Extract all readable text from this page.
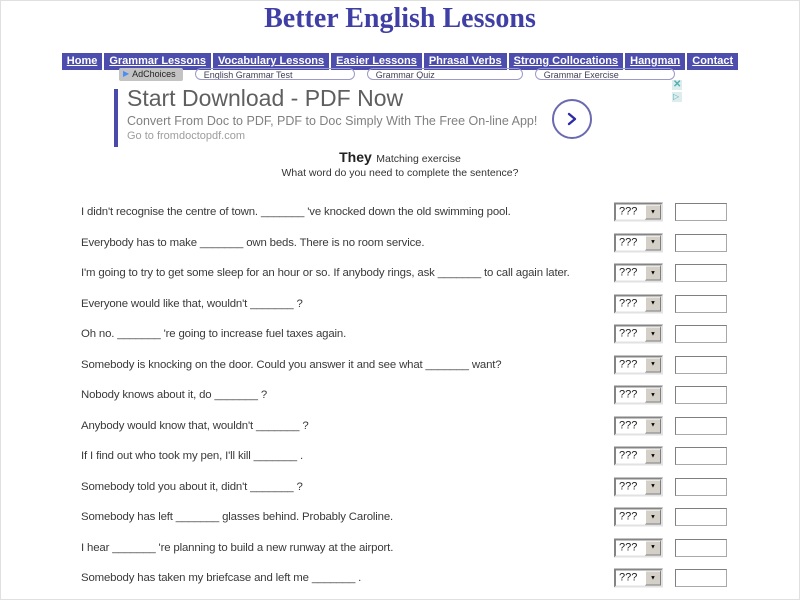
Better English Lessons
Home	Grammar Lessons	Vocabulary Lessons	Easier Lessons	Phrasal Verbs	Strong Collocations	Hangman	Contact
▶ AdChoices	English Grammar Test	Grammar Quiz	Grammar Exercise
Start Download - PDF Now
Convert From Doc to PDF, PDF to Doc Simply With The Free On-line App!
Go to fromdoctopdf.com
✕
▷
They Matching exercise
What word do you need to complete the sentence?
I didn't recognise the centre of town. _______ 've knocked down the old swimming pool.	???	▼
Everybody has to make _______ own beds. There is no room service.	???	▼
I'm going to try to get some sleep for an hour or so. If anybody rings, ask _______ to call again later.	???	▼
Everyone would like that, wouldn't _______ ?	???	▼
Oh no. _______ 're going to increase fuel taxes again.	???	▼
Somebody is knocking on the door. Could you answer it and see what _______ want?	???	▼
Nobody knows about it, do _______ ?	???	▼
Anybody would know that, wouldn't _______ ?	???	▼
If I find out who took my pen, I'll kill _______ .	???	▼
Somebody told you about it, didn't _______ ?	???	▼
Somebody has left _______ glasses behind. Probably Caroline.	???	▼
I hear _______ 're planning to build a new runway at the airport.	???	▼
Somebody has taken my briefcase and left me _______ .	???	▼
